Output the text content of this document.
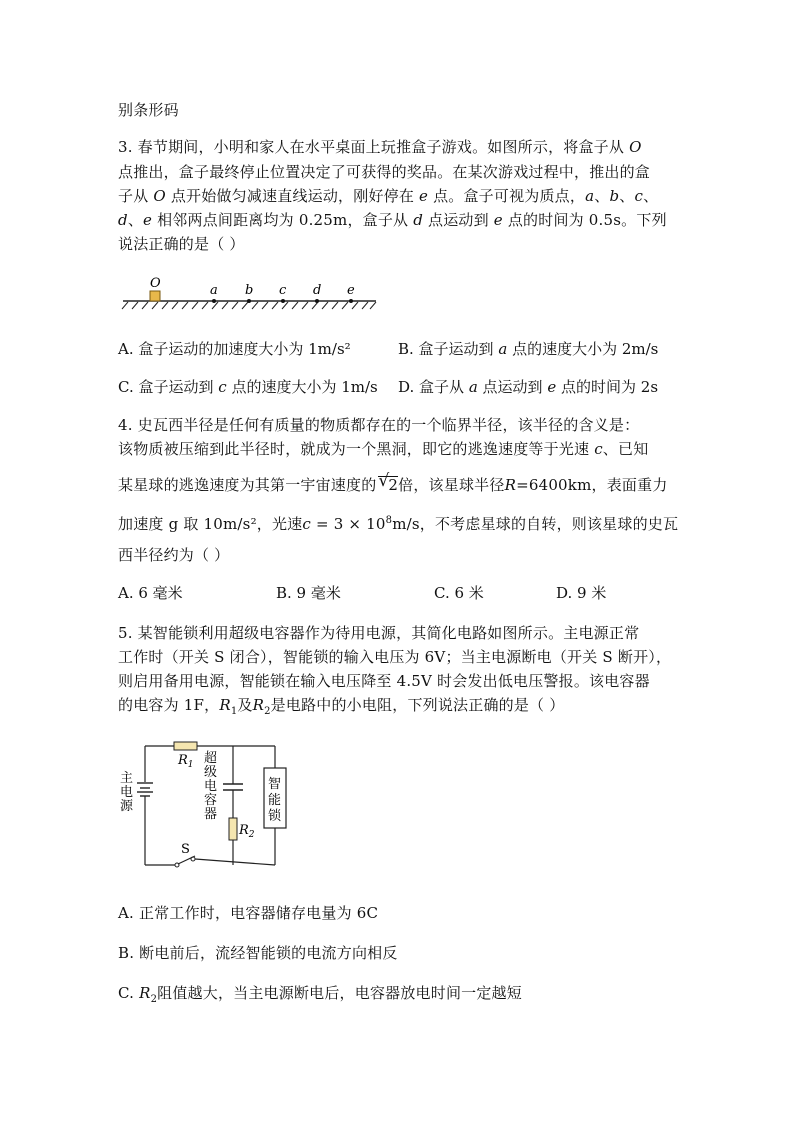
别条形码
3. 春节期间，小明和家人在水平桌面上玩推盒子游戏。如图所示，将盒子从 O
点推出，盒子最终停止位置决定了可获得的奖品。在某次游戏过程中，推出的盒
子从 O 点开始做匀减速直线运动，刚好停在 e 点。盒子可视为质点，a、b、c、
d、e 相邻两点间距离均为 0.25m，盒子从 d 点运动到 e 点的时间为 0.5s。下列
说法正确的是（ ）
O	a b c d e
A. 盒子运动的加速度大小为 1m/s²	B. 盒子运动到 a 点的速度大小为 2m/s
C. 盒子运动到 c 点的速度大小为 1m/s D. 盒子从 a 点运动到 e 点的时间为 2s
4. 史瓦西半径是任何有质量的物质都存在的一个临界半径，该半径的含义是：
该物质被压缩到此半径时，就成为一个黑洞，即它的逃逸速度等于光速 c、已知
某星球的逃逸速度为其第一宇宙速度的 √
2倍，该星球半径R=6400km，表面重力
加速度 g 取 10m/s²，光速$c = 3 \times 10^8m/s$，不考虑星球的自转，则该星球的史瓦
西半径约为（ ）
A. 6 毫米	B. 9 毫米	C. 6 米	D. 9 米
5. 某智能锁利用超级电容器作为待用电源，其简化电路如图所示。主电源正常
工作时（开关 S 闭合），智能锁的输入电压为 6V；当主电源断电（开关 S 断开），
则启用备用电源，智能锁在输入电压降至 4.5V 时会发出低电压警报。该电容器
的电容为 1F，$R_1$及$R_2$是电路中的小电阻，下列说法正确的是（ ）
$R_1$
$R_2$
S
主
电
源
超
级
电
容
器
智
能
锁
A. 正常工作时，电容器储存电量为 6C
B. 断电前后，流经智能锁的电流方向相反
C. $R_2$阻值越大，当主电源断电后，电容器放电时间一定越短
